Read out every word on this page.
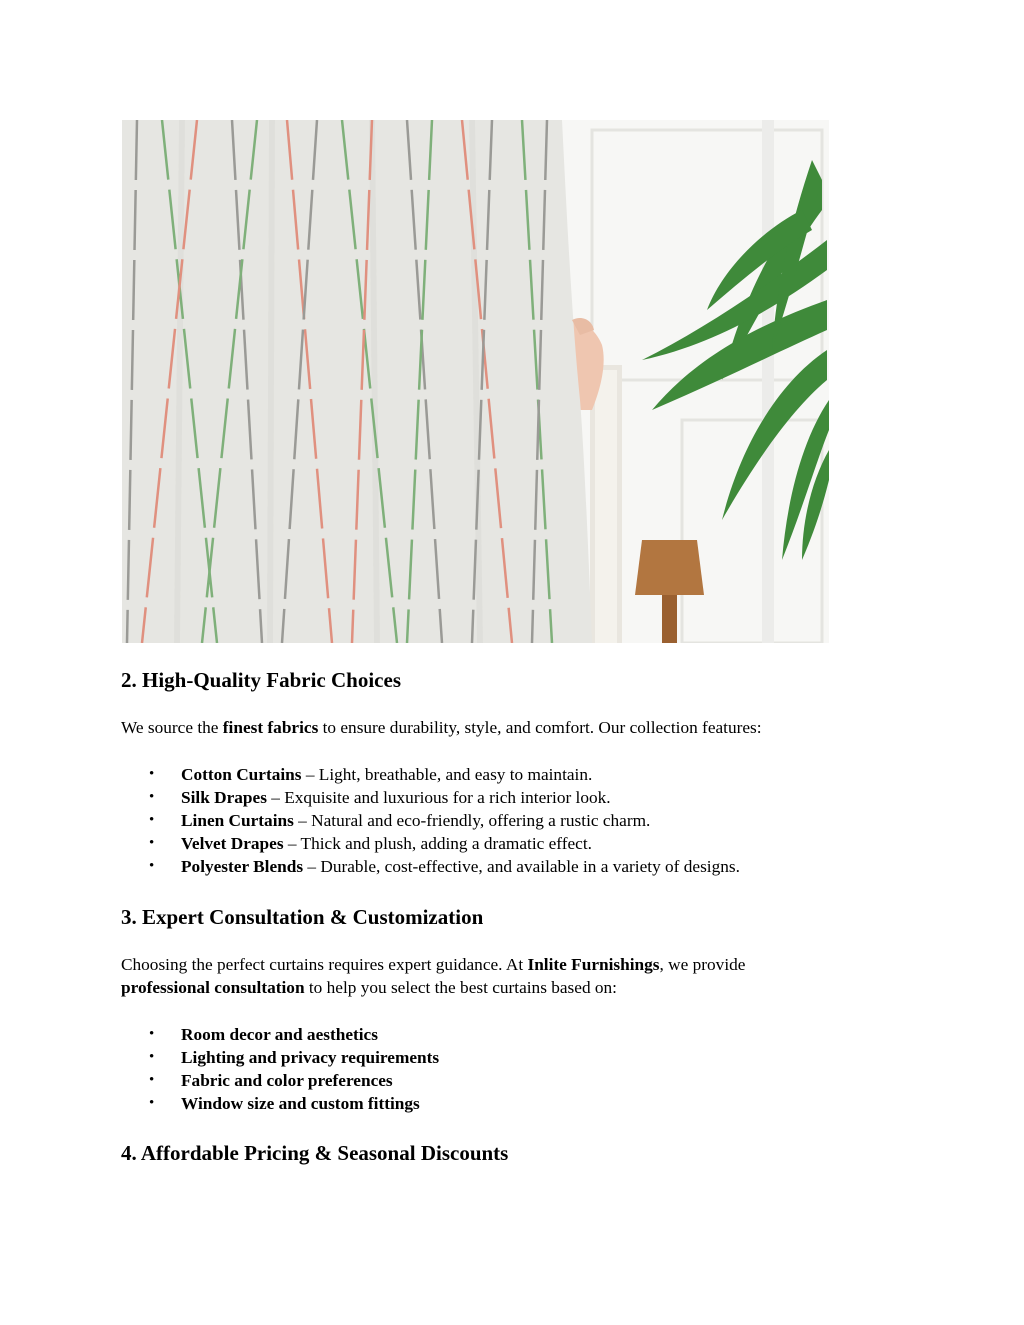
2. High-Quality Fabric Choices

We source the finest fabrics to ensure durability, style, and comfort. Our collection features:

• Cotton Curtains – Light, breathable, and easy to maintain.
• Silk Drapes – Exquisite and luxurious for a rich interior look.
• Linen Curtains – Natural and eco-friendly, offering a rustic charm.
• Velvet Drapes – Thick and plush, adding a dramatic effect.
• Polyester Blends – Durable, cost-effective, and available in a variety of designs.
3. Expert Consultation & Customization

Choosing the perfect curtains requires expert guidance. At Inlite Furnishings, we provide
professional consultation to help you select the best curtains based on:

• Room decor and aesthetics
• Lighting and privacy requirements
• Fabric and color preferences
• Window size and custom fittings
4. Affordable Pricing & Seasonal Discounts
